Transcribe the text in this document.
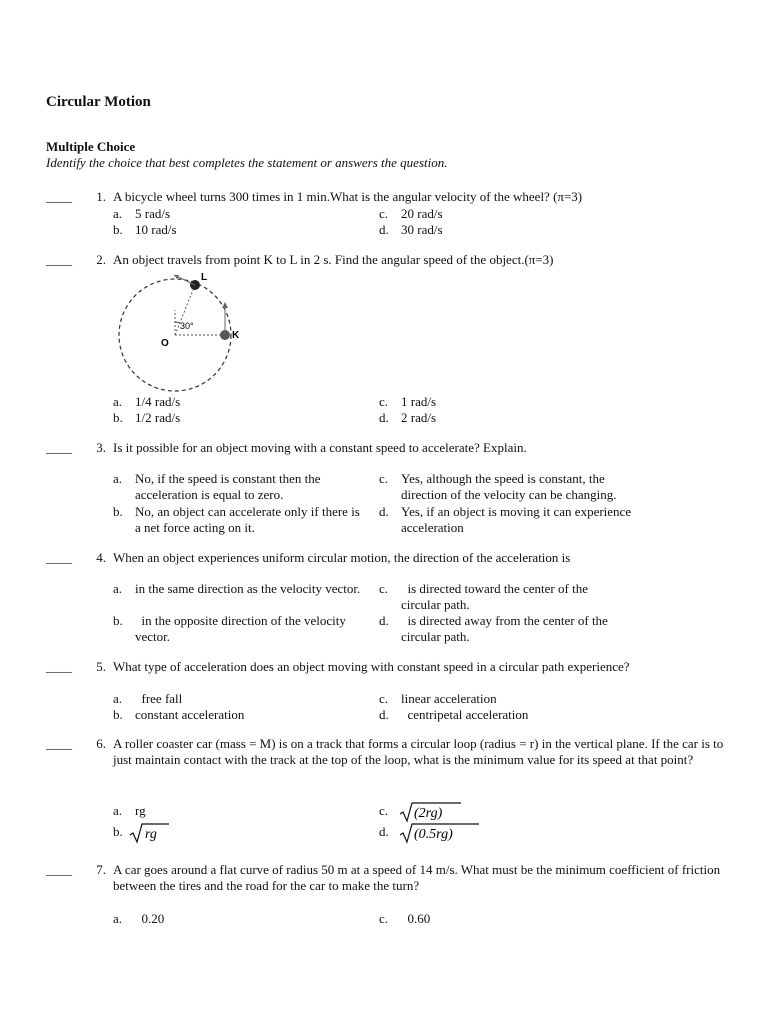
Circular Motion
Multiple Choice
Identify the choice that best completes the statement or answers the question.
____	1. A bicycle wheel turns 300 times in 1 min.What is the angular velocity of the wheel? (π=3)
a. 5 rad/s
b. 10 rad/s
c. 20 rad/s
d. 30 rad/s
____	2. An object travels from point K to L in 2 s. Find the angular speed of the object.(π=3)
L
K
O
30°
a. 1/4 rad/s
b. 1/2 rad/s
c. 1 rad/s
d. 2 rad/s
____	3. Is it possible for an object moving with a constant speed to accelerate? Explain.
a. No, if the speed is constant then the acceleration is equal to zero.
b. No, an object can accelerate only if there is a net force acting on it.
c. Yes, although the speed is constant, the direction of the velocity can be changing.
d. Yes, if an object is moving it can experience acceleration
____	4. When an object experiences uniform circular motion, the direction of the acceleration is
a. in the same direction as the velocity vector.
b. in the opposite direction of the velocity vector.
c. is directed toward the center of the circular path.
d. is directed away from the center of the circular path.
____	5. What type of acceleration does an object moving with constant speed in a circular path experience?
a. free fall
b. constant acceleration
c. linear acceleration
d. centripetal acceleration
____	6. A roller coaster car (mass = M) is on a track that forms a circular loop (radius = r) in the vertical plane. If the car is to just maintain contact with the track at the top of the loop, what is the minimum value for its speed at that point?
a. rg
b. rg
c. (2rg)
d. (0.5rg)
____	7. A car goes around a flat curve of radius 50 m at a speed of 14 m/s. What must be the minimum coefficient of friction between the tires and the road for the car to make the turn?
a. 0.20	c. 0.60
